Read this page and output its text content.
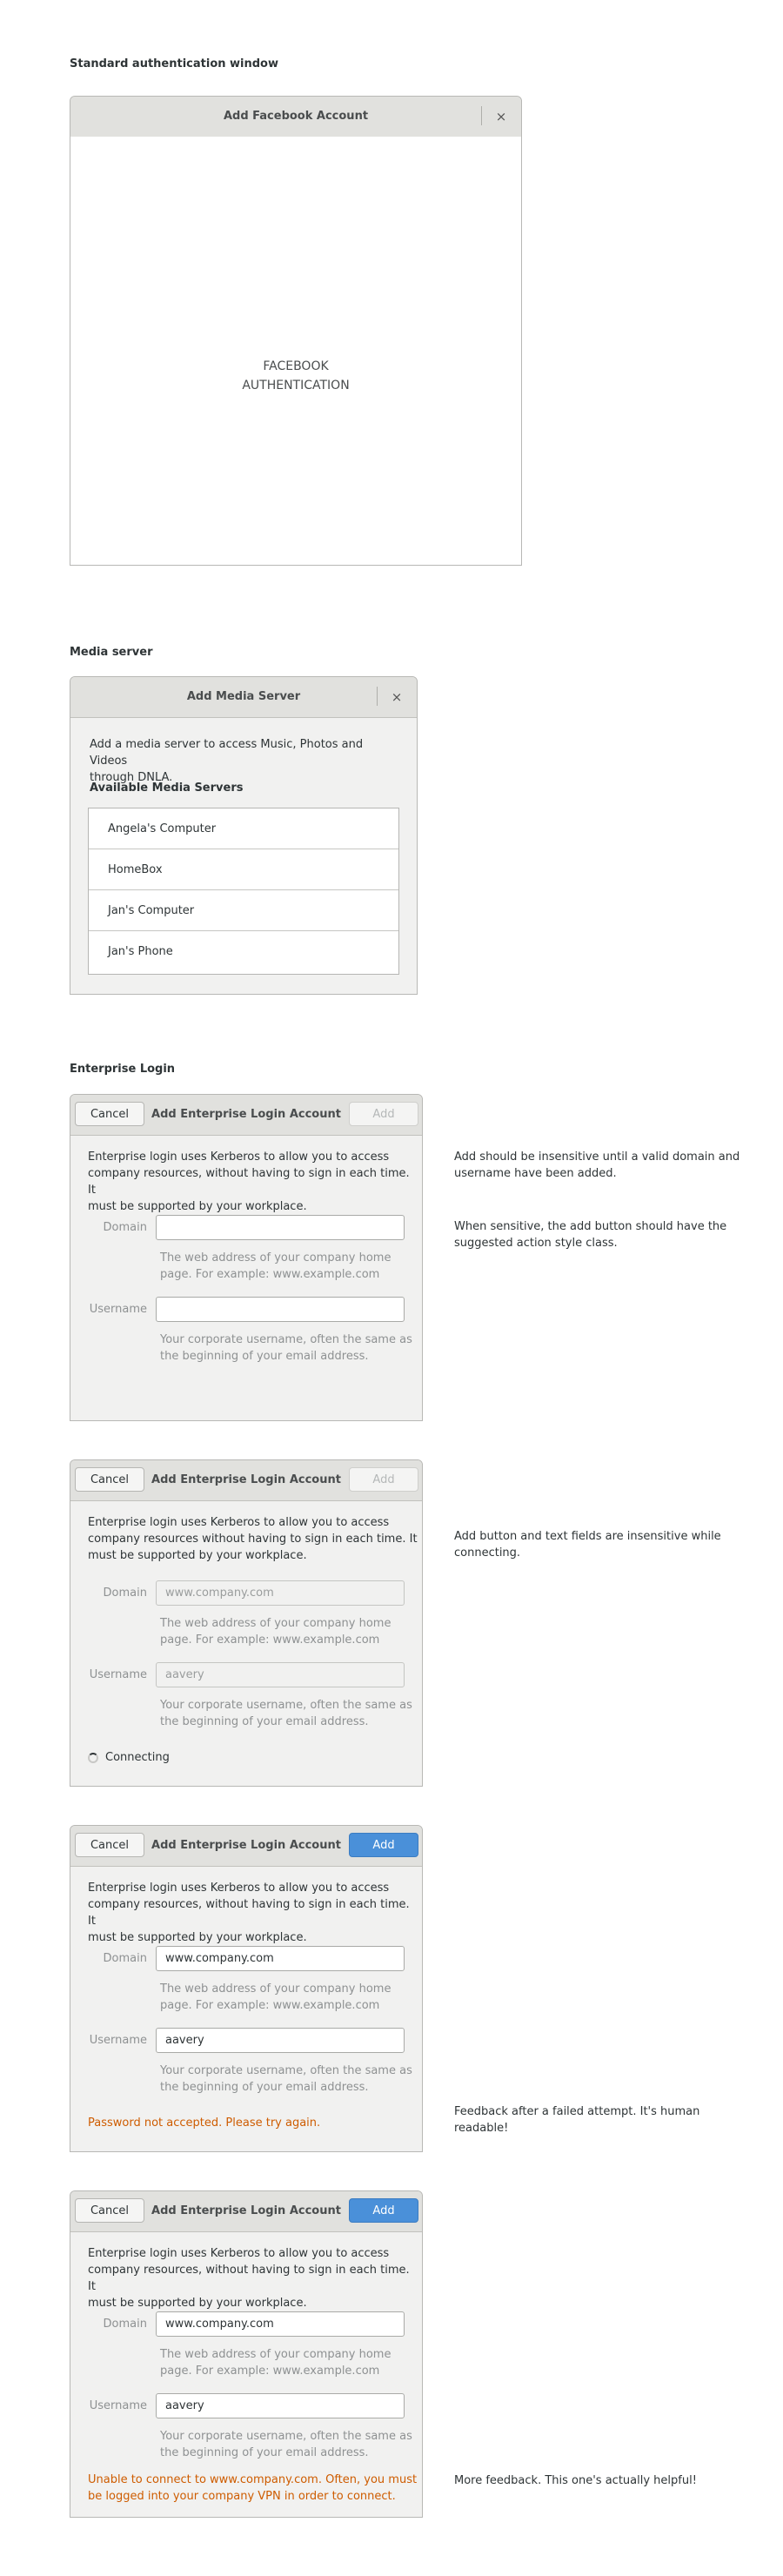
Standard authentication window
Add Facebook Account	×
FACEBOOK
AUTHENTICATION
Media server
Add Media Server	×
Add a media server to access Music, Photos and Videos
through DNLA.
Available Media Servers
Angela's Computer
HomeBox
Jan's Computer
Jan's Phone
Enterprise Login
Cancel	Add Enterprise Login Account	Add
Enterprise login uses Kerberos to allow you to access
company resources, without having to sign in each time. It
must be supported by your workplace.
Domain
The web address of your company home
page. For example: www.example.com
Username
Your corporate username, often the same as
the beginning of your email address.
Add should be insensitive until a valid domain and
username have been added.
When sensitive, the add button should have the
suggested action style class.
Cancel	Add Enterprise Login Account	Add
Enterprise login uses Kerberos to allow you to access
company resources without having to sign in each time. It
must be supported by your workplace.
Domain	www.company.com
The web address of your company home
page. For example: www.example.com
Username	aavery
Your corporate username, often the same as
the beginning of your email address.
Connecting
Add button and text fields are insensitive while
connecting.
Cancel	Add Enterprise Login Account	Add
Enterprise login uses Kerberos to allow you to access
company resources, without having to sign in each time. It
must be supported by your workplace.
Domain	www.company.com
The web address of your company home
page. For example: www.example.com
Username	aavery
Your corporate username, often the same as
the beginning of your email address.
Password not accepted. Please try again.
Feedback after a failed attempt. It's human
readable!
Cancel	Add Enterprise Login Account	Add
Enterprise login uses Kerberos to allow you to access
company resources, without having to sign in each time. It
must be supported by your workplace.
Domain	www.company.com
The web address of your company home
page. For example: www.example.com
Username	aavery
Your corporate username, often the same as
the beginning of your email address.
Unable to connect to www.company.com. Often, you must
be logged into your company VPN in order to connect.
More feedback. This one's actually helpful!
